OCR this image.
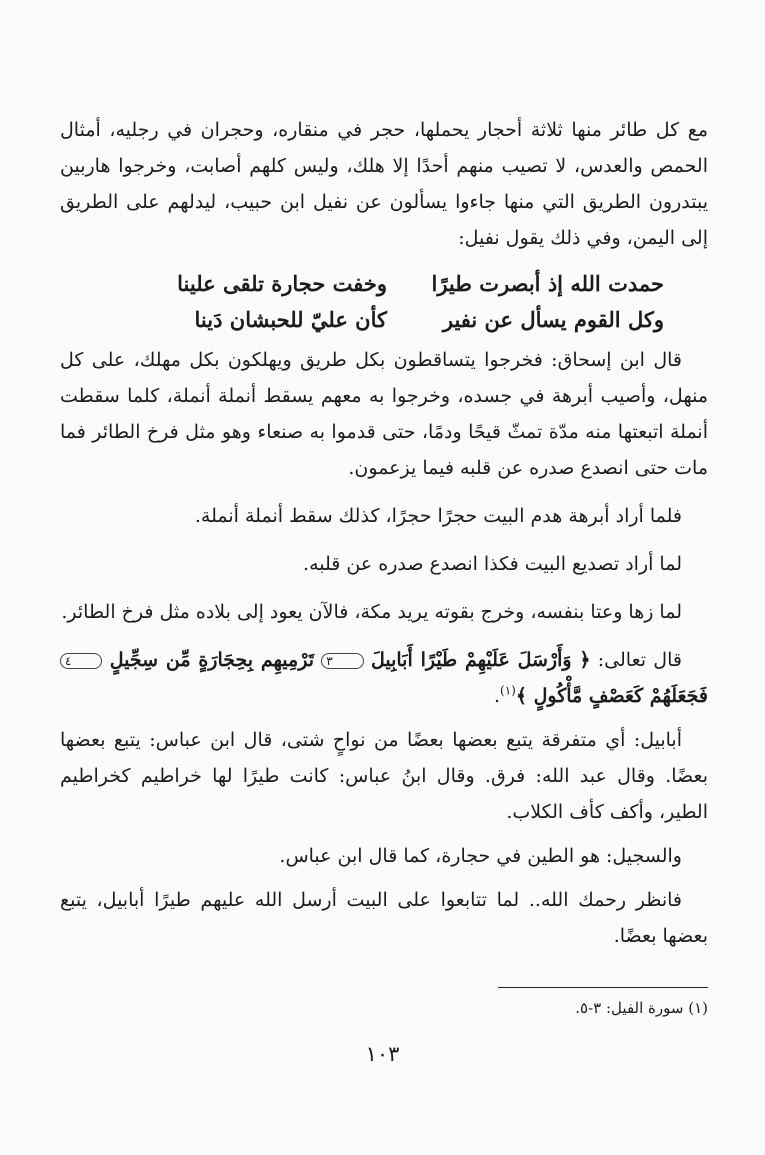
مع كل طائر منها ثلاثة أحجار يحملها، حجر في منقاره، وحجران في رجليه، أمثال الحمص والعدس، لا تصيب منهم أحدًا إلا هلك، وليس كلهم أصابت، وخرجوا هاربين يبتدرون الطريق التي منها جاءوا يسألون عن نفيل ابن حبيب، ليدلهم على الطريق إلى اليمن، وفي ذلك يقول نفيل:

حمدت الله إذ أبصرت طيرًا
وخفت حجارة تلقى علينا
وكل القوم يسأل عن نفير
كأن عليّ للحبشان دَينا

قال ابن إسحاق: فخرجوا يتساقطون بكل طريق ويهلكون بكل مهلك، على كل منهل، وأصيب أبرهة في جسده، وخرجوا به معهم يسقط أنملة أنملة، كلما سقطت أنملة اتبعتها منه مدّة تمثّ قيحًا ودمًا، حتى قدموا به صنعاء وهو مثل فرخ الطائر فما مات حتى انصدع صدره عن قلبه فيما يزعمون.

فلما أراد أبرهة هدم البيت حجرًا حجرًا، كذلك سقط أنملة أنملة.

لما أراد تصديع البيت فكذا انصدع صدره عن قلبه.

لما زها وعتا بنفسه، وخرج بقوته يريد مكة، فالآن يعود إلى بلاده مثل فرخ الطائر.

قال تعالى: ﴿ وَأَرْسَلَ عَلَيْهِمْ طَيْرًا أَبَابِيلَ ٣ تَرْمِيهِم بِحِجَارَةٍ مِّن سِجِّيلٍ ٤ فَجَعَلَهُمْ كَعَصْفٍ مَّأْكُولٍ ﴾$^{(١)}$.

أبابيل: أي متفرقة يتبع بعضها بعضًا من نواحٍ شتى، قال ابن عباس: يتبع بعضها بعضًا. وقال عبد الله: فرق. وقال ابنُ عباس: كانت طيرًا لها خراطيم كخراطيم الطير، وأكف كأف الكلاب.

والسجيل: هو الطين في حجارة، كما قال ابن عباس.

فانظر رحمك الله.. لما تتابعوا على البيت أرسل الله عليهم طيرًا أبابيل، يتبع بعضها بعضًا.

(١) سورة الفيل: ٣-٥.
١٠٣
